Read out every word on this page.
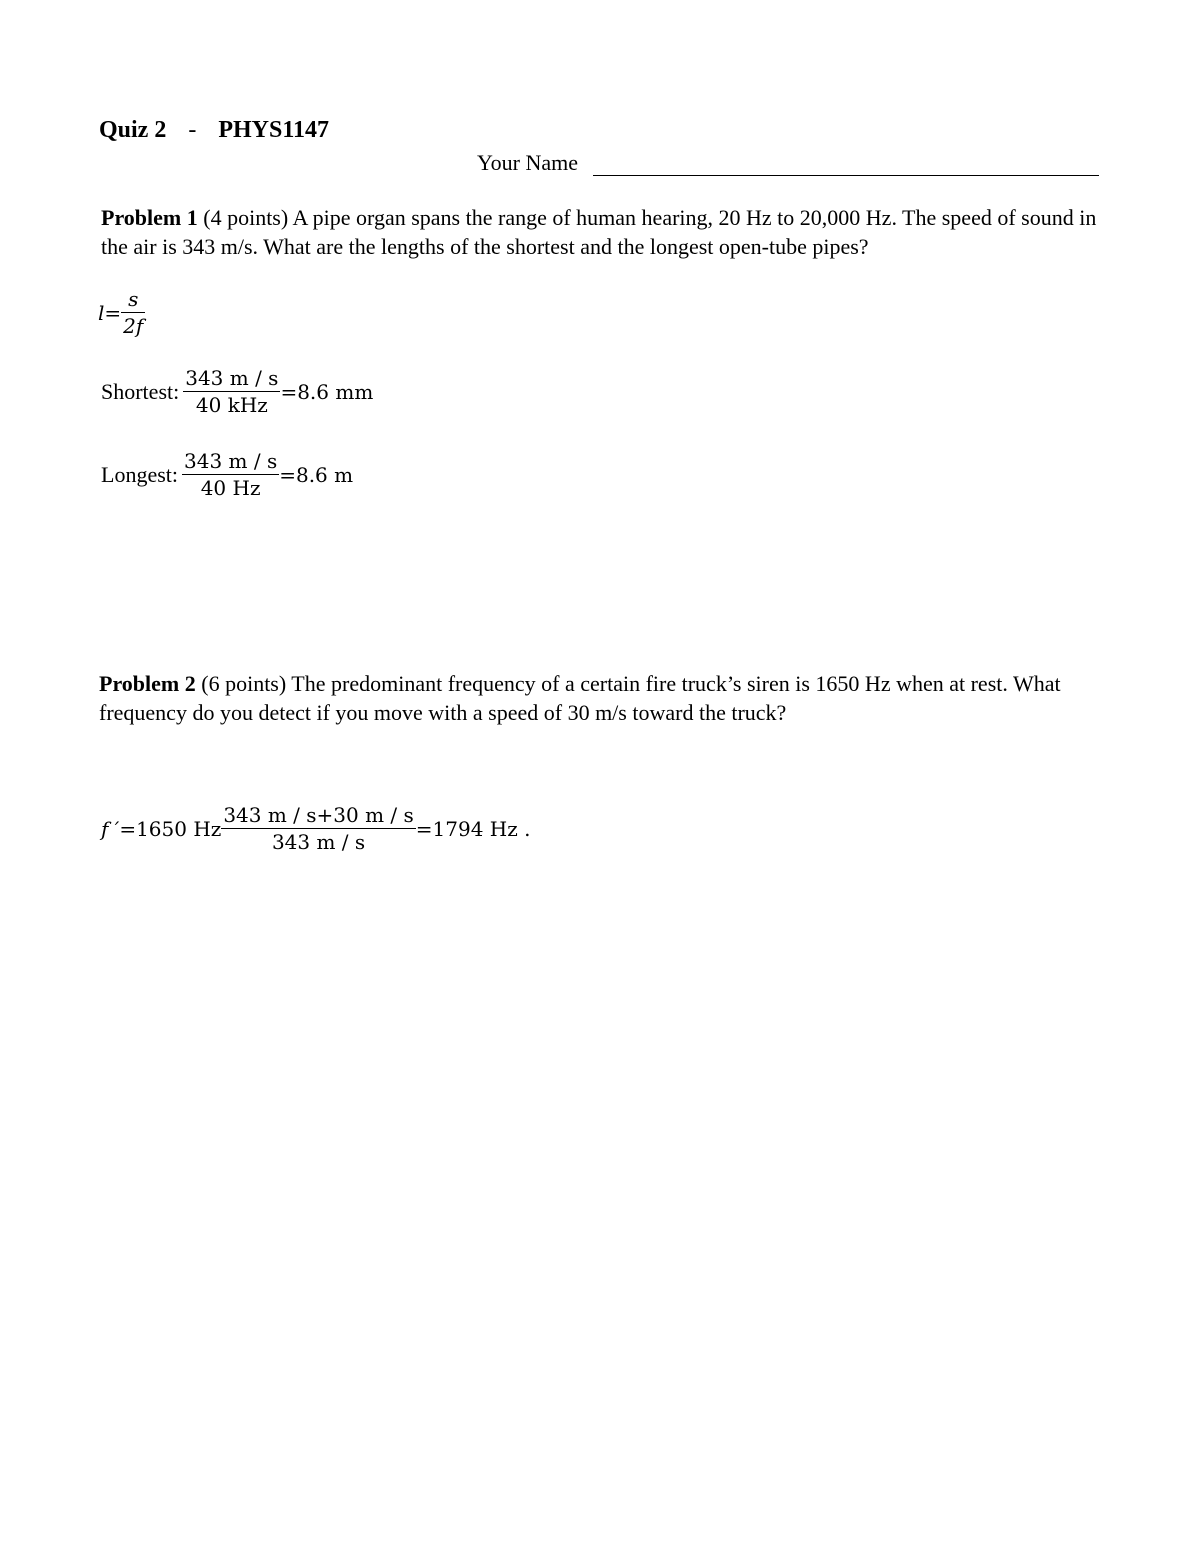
Quiz 2 - PHYS1147
Your Name
Problem 1 (4 points) A pipe organ spans the range of human hearing, 20 Hz to 20,000 Hz. The speed of sound in the air is 343 m/s. What are the lengths of the shortest and the longest open-tube pipes?
$l = \frac{s}{2f}$
Shortest: $\frac{343 m / s}{\text{40 kHz}} =8.6$ mm
Longest: $\frac{343 m / s}{40 Hz} =8.6$ m
Problem 2 (6 points) The predominant frequency of a certain fire truck’s siren is 1650 Hz when at rest. What frequency do you detect if you move with a speed of 30 m/s toward the truck?
f ′ =1650 Hz $\frac{343 m / s+30 m / s}{343 m / s} =1794$ Hz .
